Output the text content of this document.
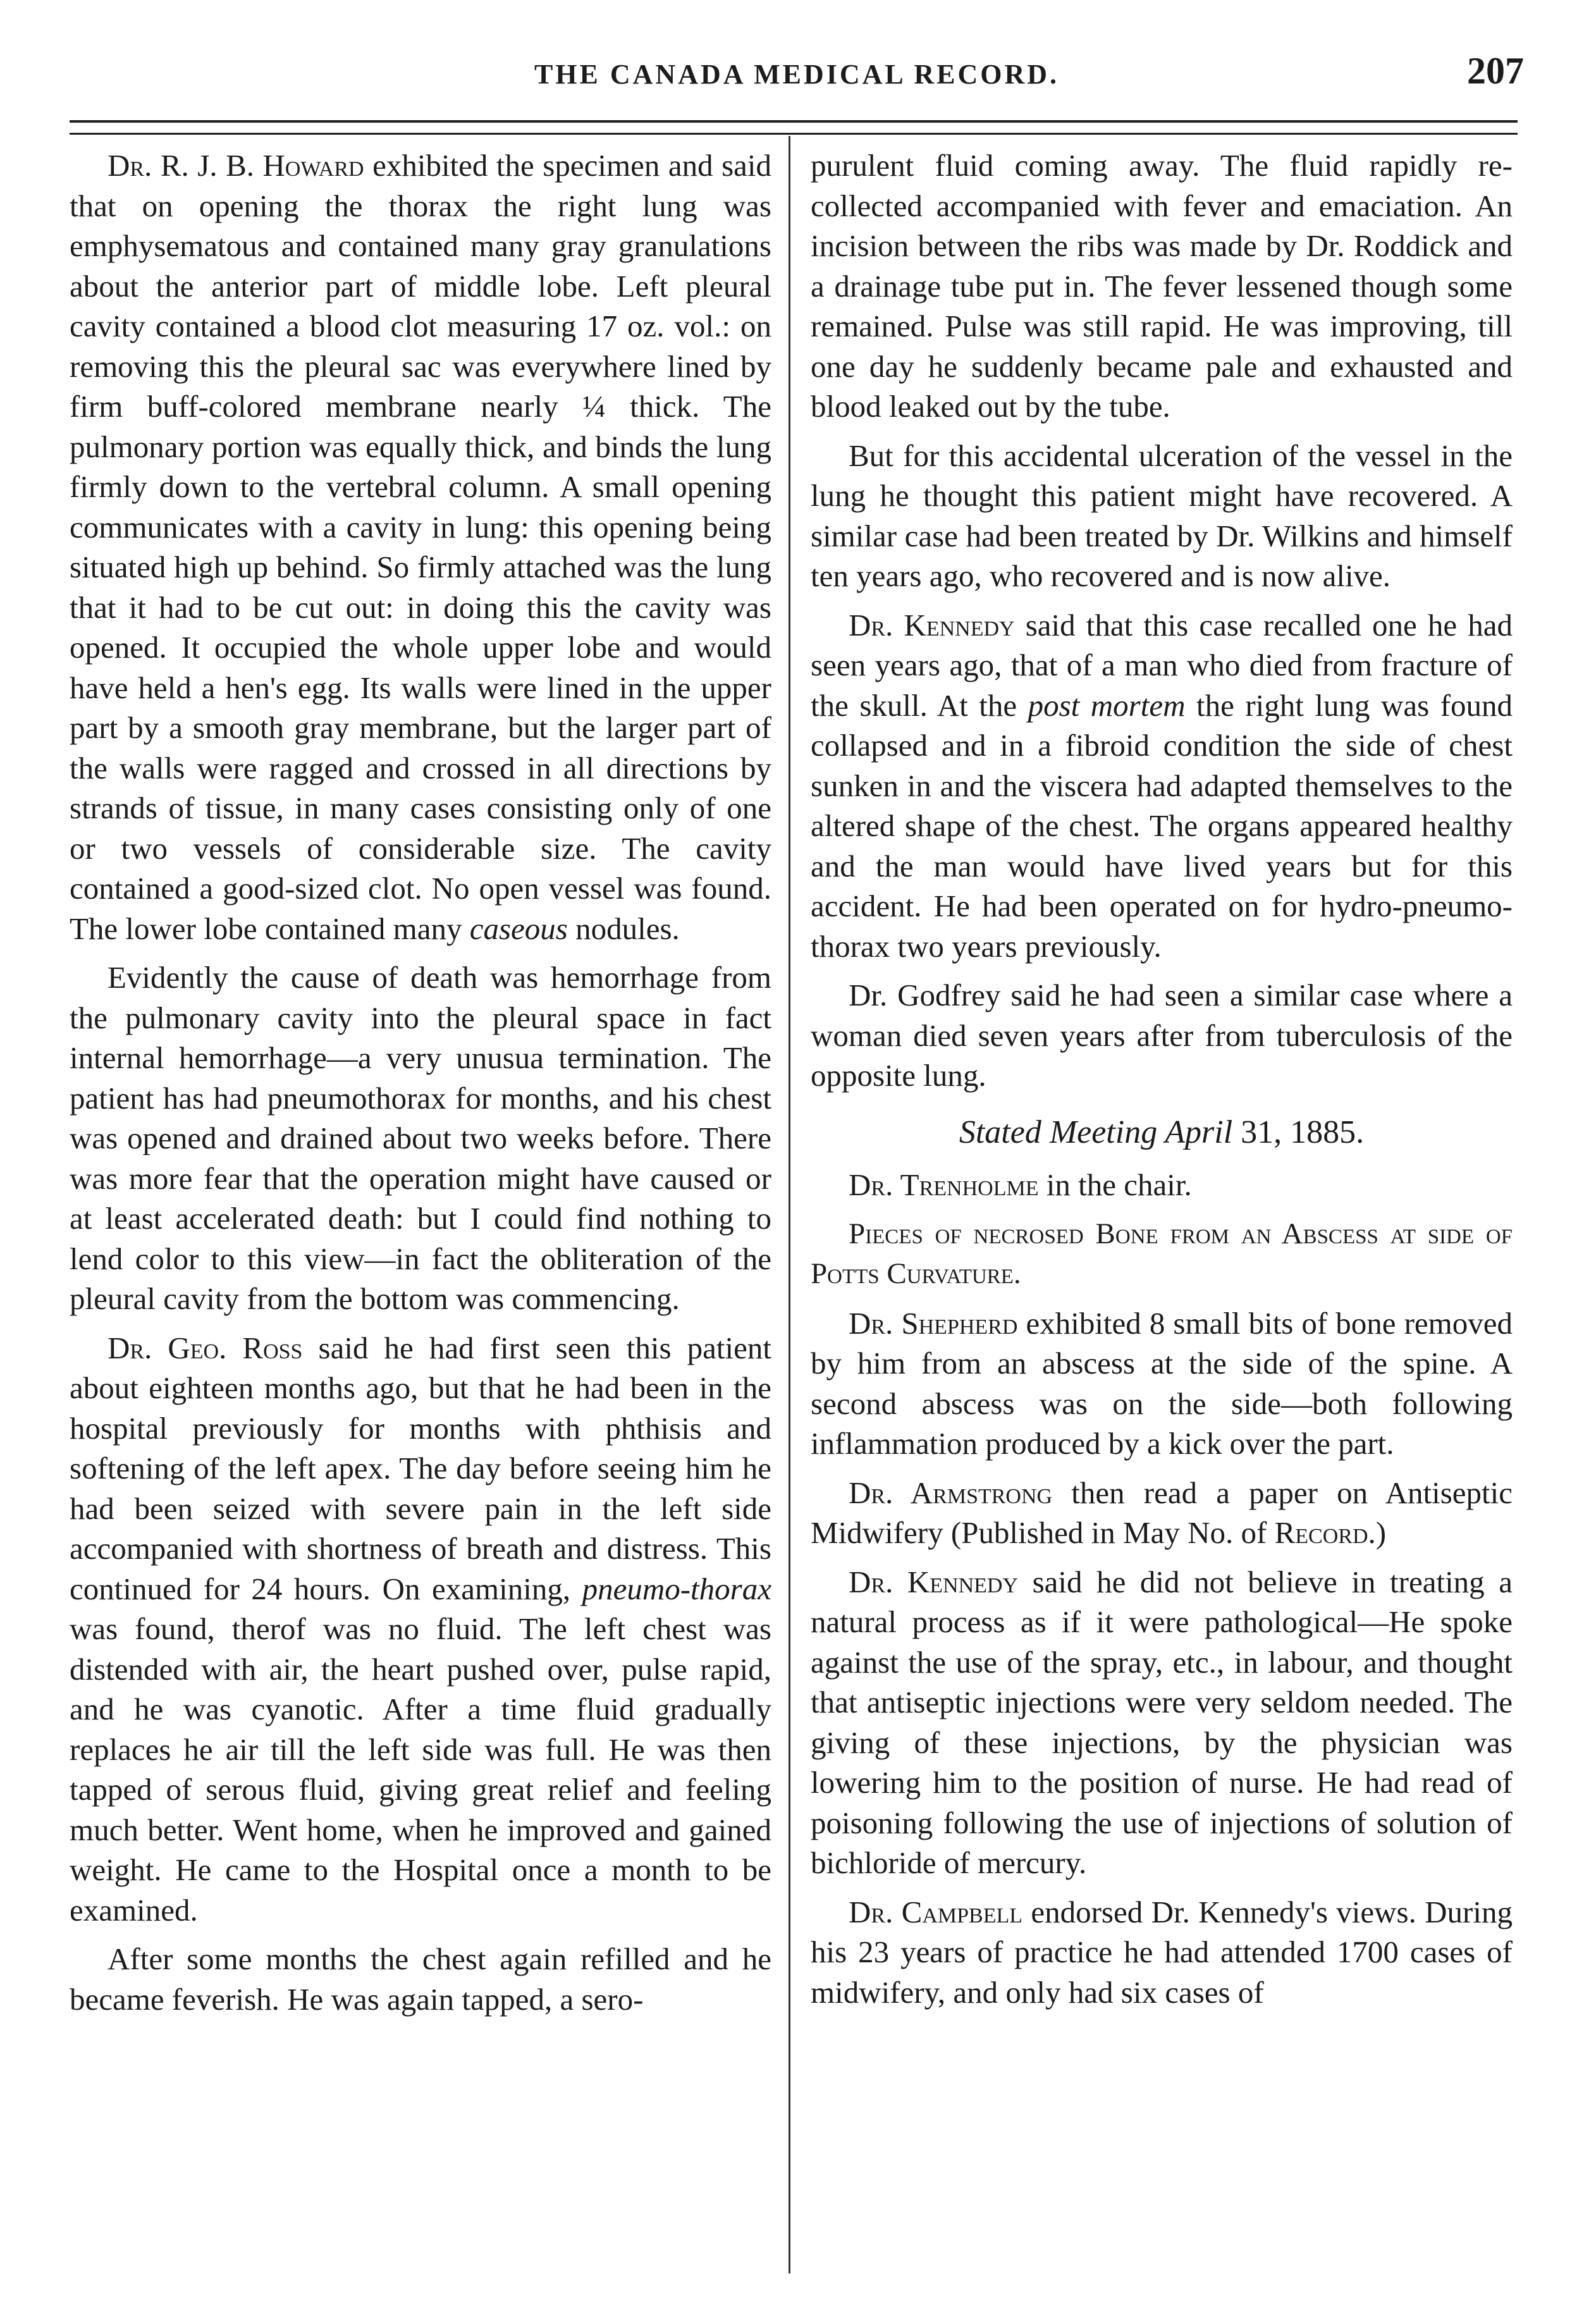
THE CANADA MEDICAL RECORD.	207

Dr. R. J. B. Howard exhibited the specimen and said that on opening the thorax the right lung was emphysematous and contained many gray granulations about the anterior part of middle lobe. Left pleural cavity contained a blood clot measuring 17 oz. vol.: on removing this the pleural sac was everywhere lined by firm buff-colored membrane nearly ¼ thick. The pulmonary portion was equally thick, and binds the lung firmly down to the vertebral column. A small opening communicates with a cavity in lung: this opening being situated high up behind. So firmly attached was the lung that it had to be cut out: in doing this the cavity was opened. It occupied the whole upper lobe and would have held a hen's egg. Its walls were lined in the upper part by a smooth gray membrane, but the larger part of the walls were ragged and crossed in all directions by strands of tissue, in many cases consisting only of one or two vessels of considerable size. The cavity contained a good-sized clot. No open vessel was found. The lower lobe contained many caseous nodules.

Evidently the cause of death was hemorrhage from the pulmonary cavity into the pleural space in fact internal hemorrhage—a very unusua termination. The patient has had pneumothorax for months, and his chest was opened and drained about two weeks before. There was more fear that the operation might have caused or at least accelerated death: but I could find nothing to lend color to this view—in fact the obliteration of the pleural cavity from the bottom was commencing.

Dr. Geo. Ross said he had first seen this patient about eighteen months ago, but that he had been in the hospital previously for months with phthisis and softening of the left apex. The day before seeing him he had been seized with severe pain in the left side accompanied with shortness of breath and distress. This continued for 24 hours. On examining, pneumo-thorax was found, therof was no fluid. The left chest was distended with air, the heart pushed over, pulse rapid, and he was cyanotic. After a time fluid gradually replaces he air till the left side was full. He was then tapped of serous fluid, giving great relief and feeling much better. Went home, when he improved and gained weight. He came to the Hospital once a month to be examined.

After some months the chest again refilled and he became feverish. He was again tapped, a sero-

purulent fluid coming away. The fluid rapidly re-collected accompanied with fever and emaciation. An incision between the ribs was made by Dr. Roddick and a drainage tube put in. The fever lessened though some remained. Pulse was still rapid. He was improving, till one day he suddenly became pale and exhausted and blood leaked out by the tube.

But for this accidental ulceration of the vessel in the lung he thought this patient might have recovered. A similar case had been treated by Dr. Wilkins and himself ten years ago, who recovered and is now alive.

Dr. Kennedy said that this case recalled one he had seen years ago, that of a man who died from fracture of the skull. At the post mortem the right lung was found collapsed and in a fibroid condition the side of chest sunken in and the viscera had adapted themselves to the altered shape of the chest. The organs appeared healthy and the man would have lived years but for this accident. He had been operated on for hydro-pneumo-thorax two years previously.

Dr. Godfrey said he had seen a similar case where a woman died seven years after from tuberculosis of the opposite lung.

Stated Meeting April 31, 1885.

Dr. Trenholme in the chair.

Pieces of necrosed Bone from an Abscess at side of Potts Curvature.

Dr. Shepherd exhibited 8 small bits of bone removed by him from an abscess at the side of the spine. A second abscess was on the side—both following inflammation produced by a kick over the part.

Dr. Armstrong then read a paper on Antiseptic Midwifery (Published in May No. of Record.)

Dr. Kennedy said he did not believe in treating a natural process as if it were pathological—He spoke against the use of the spray, etc., in labour, and thought that antiseptic injections were very seldom needed. The giving of these injections, by the physician was lowering him to the position of nurse. He had read of poisoning following the use of injections of solution of bichloride of mercury.

Dr. Campbell endorsed Dr. Kennedy's views. During his 23 years of practice he had attended 1700 cases of midwifery, and only had six cases of
